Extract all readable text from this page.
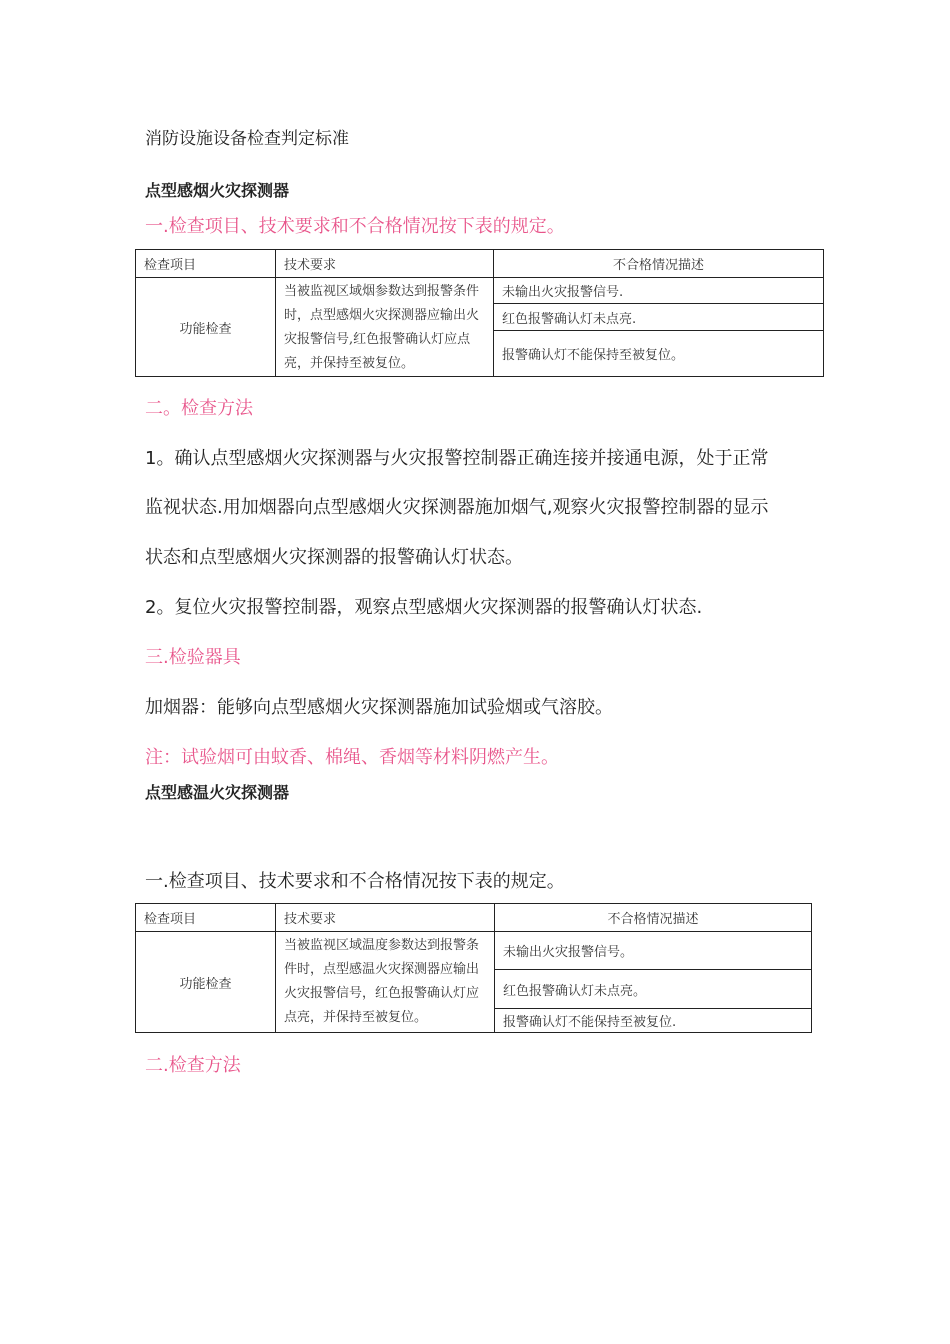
消防设施设备检查判定标准
点型感烟火灾探测器
一.检查项目、技术要求和不合格情况按下表的规定。
检查项目	技术要求	不合格情况描述
功能检查	当被监视区域烟参数达到报警条件时，点型感烟火灾探测器应输出火灾报警信号,红色报警确认灯应点亮，并保持至被复位。	未输出火灾报警信号.
		红色报警确认灯未点亮.
		报警确认灯不能保持至被复位。
二。检查方法
1。确认点型感烟火灾探测器与火灾报警控制器正确连接并接通电源，处于正常
监视状态.用加烟器向点型感烟火灾探测器施加烟气,观察火灾报警控制器的显示
状态和点型感烟火灾探测器的报警确认灯状态。
2。复位火灾报警控制器，观察点型感烟火灾探测器的报警确认灯状态.
三.检验器具
加烟器：能够向点型感烟火灾探测器施加试验烟或气溶胶。
注：试验烟可由蚊香、棉绳、香烟等材料阴燃产生。
点型感温火灾探测器
一.检查项目、技术要求和不合格情况按下表的规定。
检查项目	技术要求	不合格情况描述
功能检查	当被监视区域温度参数达到报警条件时，点型感温火灾探测器应输出火灾报警信号，红色报警确认灯应点亮，并保持至被复位。	未输出火灾报警信号。
		红色报警确认灯未点亮。
		报警确认灯不能保持至被复位.
二.检查方法
